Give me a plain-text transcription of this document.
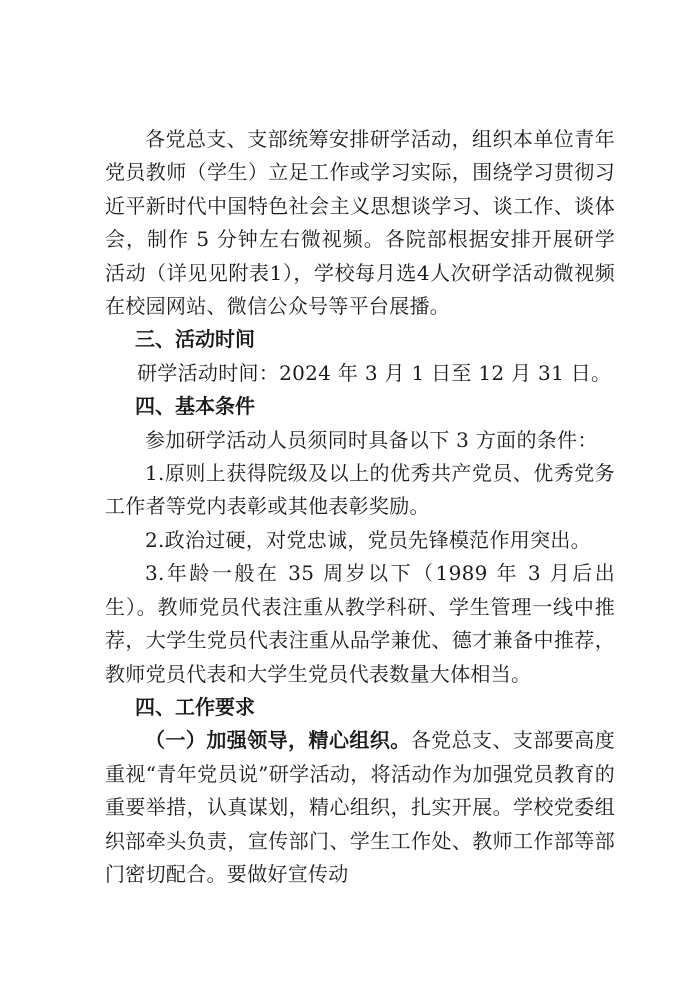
各党总支、支部统筹安排研学活动，组织本单位青年党员教师（学生）立足工作或学习实际，围绕学习贯彻习近平新时代中国特色社会主义思想谈学习、谈工作、谈体会，制作 5 分钟左右微视频。各院部根据安排开展研学活动（详见见附表1），学校每月选4人次研学活动微视频在校园网站、微信公众号等平台展播。

三、活动时间

研学活动时间：2024 年 3 月 1 日至 12 月 31 日。

四、基本条件

参加研学活动人员须同时具备以下 3 方面的条件：

1.原则上获得院级及以上的优秀共产党员、优秀党务工作者等党内表彰或其他表彰奖励。

2.政治过硬，对党忠诚，党员先锋模范作用突出。

3.年龄一般在 35 周岁以下（1989 年 3 月后出生）。教师党员代表注重从教学科研、学生管理一线中推荐，大学生党员代表注重从品学兼优、德才兼备中推荐，教师党员代表和大学生党员代表数量大体相当。

四、工作要求

（一）加强领导，精心组织。各党总支、支部要高度重视“青年党员说”研学活动，将活动作为加强党员教育的重要举措，认真谋划，精心组织，扎实开展。学校党委组织部牵头负责，宣传部门、学生工作处、教师工作部等部门密切配合。要做好宣传动
